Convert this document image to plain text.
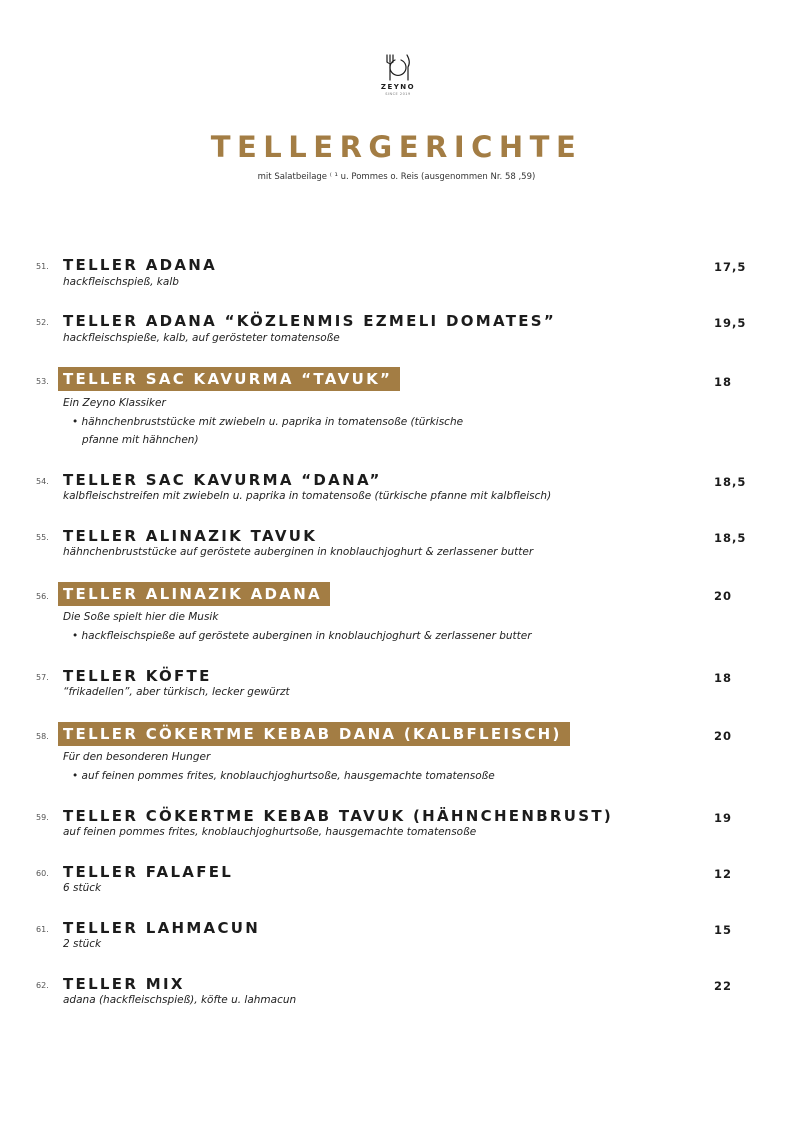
ZEYNO
SINCE 2019
TELLERGERICHTE
mit Salatbeilage ⁽ ¹ u. Pommes o. Reis (ausgenommen Nr. 58 ,59)
51. TELLER ADANA	17,5
hackfleischspieß, kalb
52. TELLER ADANA “KÖZLENMIS EZMELI DOMATES”	19,5
hackfleischspieße, kalb, auf gerösteter tomatensoße
53. TELLER SAC KAVURMA “TAVUK”	18
Ein Zeyno Klassiker
• hähnchenbruststücke mit zwiebeln u. paprika in tomatensoße (türkische
pfanne mit hähnchen)
54. TELLER SAC KAVURMA “DANA”	18,5
kalbfleischstreifen mit zwiebeln u. paprika in tomatensoße (türkische pfanne mit kalbfleisch)
55. TELLER ALINAZIK TAVUK	18,5
hähnchenbruststücke auf geröstete auberginen in knoblauchjoghurt & zerlassener butter
56. TELLER ALINAZIK ADANA	20
Die Soße spielt hier die Musik
• hackfleischspieße auf geröstete auberginen in knoblauchjoghurt & zerlassener butter
57. TELLER KÖFTE	18
“frikadellen”, aber türkisch, lecker gewürzt
58. TELLER CÖKERTME KEBAB DANA (KALBFLEISCH)	20
Für den besonderen Hunger
• auf feinen pommes frites, knoblauchjoghurtsoße, hausgemachte tomatensoße
59. TELLER CÖKERTME KEBAB TAVUK (HÄHNCHENBRUST)	19
auf feinen pommes frites, knoblauchjoghurtsoße, hausgemachte tomatensoße
60. TELLER FALAFEL	12
6 stück
61. TELLER LAHMACUN	15
2 stück
62. TELLER MIX	22
adana (hackfleischspieß), köfte u. lahmacun
